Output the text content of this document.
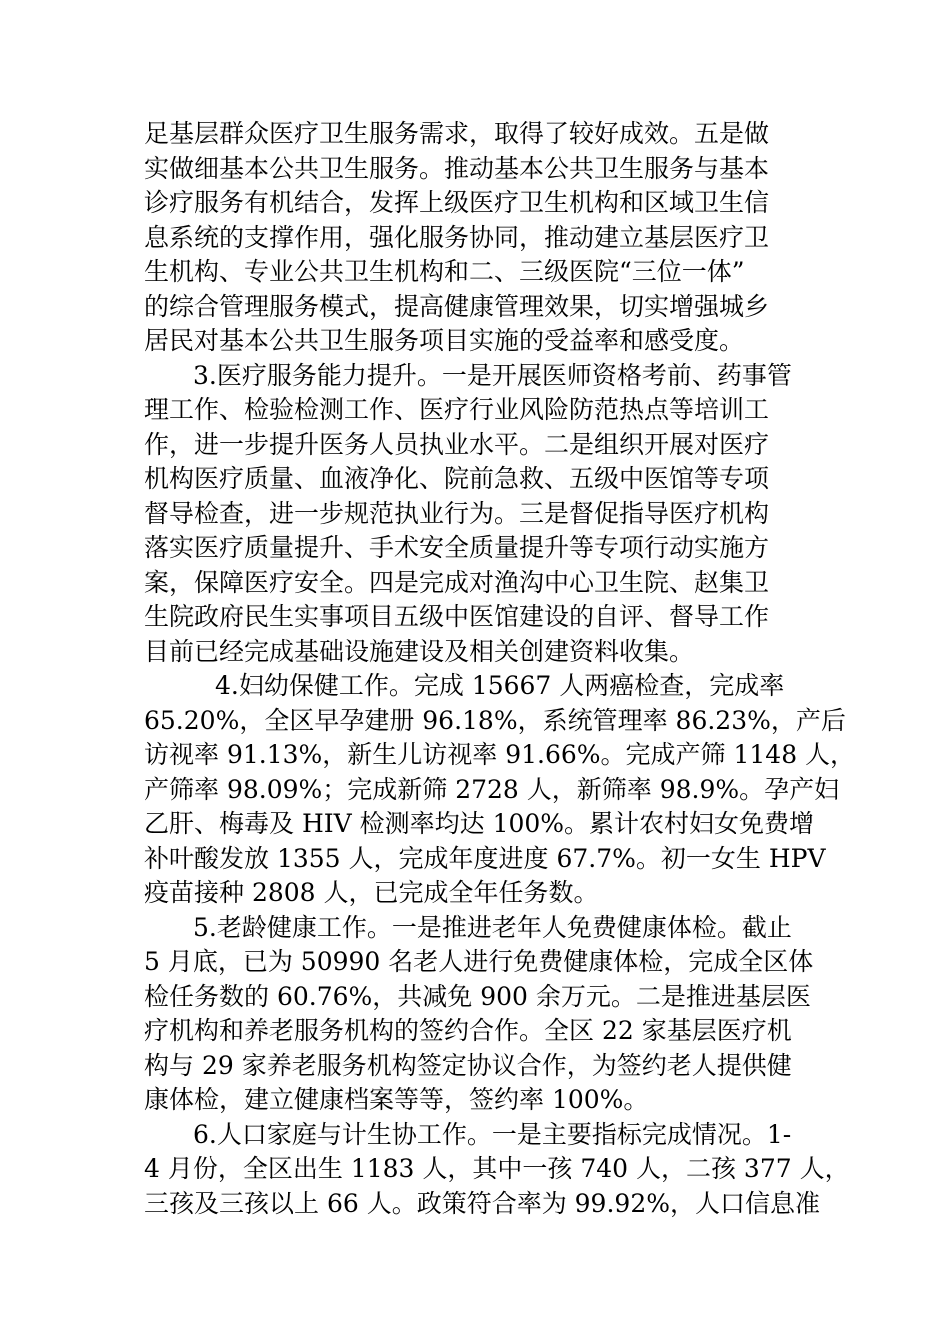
足基层群众医疗卫生服务需求，取得了较好成效。五是做
实做细基本公共卫生服务。推动基本公共卫生服务与基本
诊疗服务有机结合，发挥上级医疗卫生机构和区域卫生信
息系统的支撑作用，强化服务协同，推动建立基层医疗卫
生机构、专业公共卫生机构和二、三级医院“三位一体”
的综合管理服务模式，提高健康管理效果，切实增强城乡
居民对基本公共卫生服务项目实施的受益率和感受度。
3.医疗服务能力提升。一是开展医师资格考前、药事管
理工作、检验检测工作、医疗行业风险防范热点等培训工
作，进一步提升医务人员执业水平。二是组织开展对医疗
机构医疗质量、血液净化、院前急救、五级中医馆等专项
督导检查，进一步规范执业行为。三是督促指导医疗机构
落实医疗质量提升、手术安全质量提升等专项行动实施方
案，保障医疗安全。四是完成对渔沟中心卫生院、赵集卫
生院政府民生实事项目五级中医馆建设的自评、督导工作
目前已经完成基础设施建设及相关创建资料收集。
4.妇幼保健工作。完成 15667 人两癌检查，完成率
65.20%，全区早孕建册 96.18%，系统管理率 86.23%，产后
访视率 91.13%，新生儿访视率 91.66%。完成产筛 1148 人，
产筛率 98.09%；完成新筛 2728 人，新筛率 98.9%。孕产妇
乙肝、梅毒及 HIV 检测率均达 100%。累计农村妇女免费增
补叶酸发放 1355 人，完成年度进度 67.7%。初一女生 HPV
疫苗接种 2808 人，已完成全年任务数。
5.老龄健康工作。一是推进老年人免费健康体检。截止
5 月底，已为 50990 名老人进行免费健康体检，完成全区体
检任务数的 60.76%，共减免 900 余万元。二是推进基层医
疗机构和养老服务机构的签约合作。全区 22 家基层医疗机
构与 29 家养老服务机构签定协议合作，为签约老人提供健
康体检，建立健康档案等等，签约率 100%。
6.人口家庭与计生协工作。一是主要指标完成情况。1-
4 月份，全区出生 1183 人，其中一孩 740 人，二孩 377 人，
三孩及三孩以上 66 人。政策符合率为 99.92%，人口信息准
